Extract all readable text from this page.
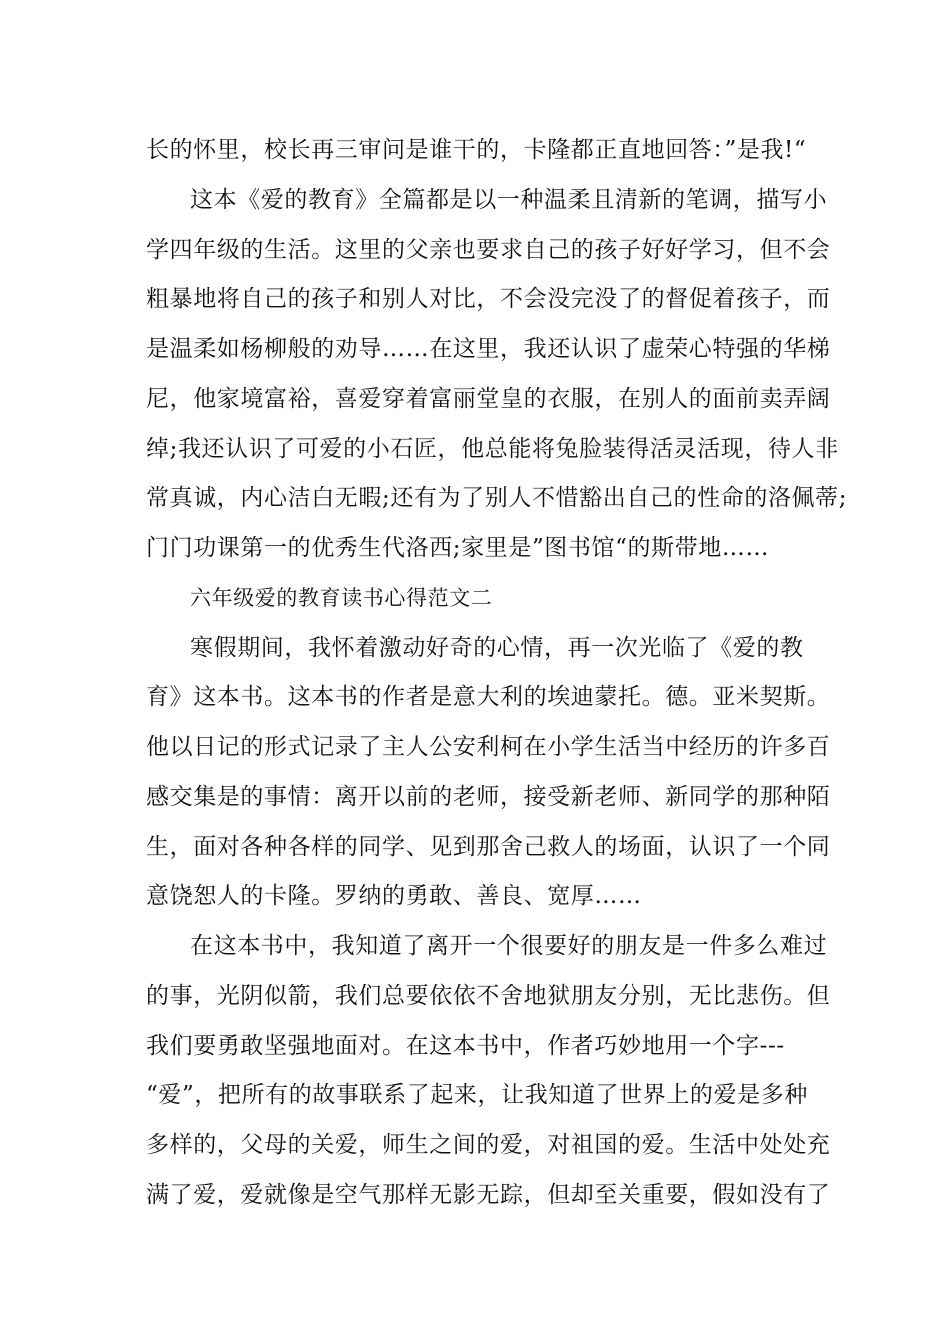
长的怀里，校长再三审问是谁干的，卡隆都正直地回答：”是我!“
这本《爱的教育》全篇都是以一种温柔且清新的笔调，描写小
学四年级的生活。这里的父亲也要求自己的孩子好好学习，但不会
粗暴地将自己的孩子和别人对比，不会没完没了的督促着孩子，而
是温柔如杨柳般的劝导……在这里，我还认识了虚荣心特强的华梯
尼，他家境富裕，喜爱穿着富丽堂皇的衣服，在别人的面前卖弄阔
绰;我还认识了可爱的小石匠，他总能将兔脸装得活灵活现，待人非
常真诚，内心洁白无暇;还有为了别人不惜豁出自己的性命的洛佩蒂;
门门功课第一的优秀生代洛西;家里是”图书馆“的斯带地……
六年级爱的教育读书心得范文二
寒假期间，我怀着激动好奇的心情，再一次光临了《爱的教
育》这本书。这本书的作者是意大利的埃迪蒙托。德。亚米契斯。
他以日记的形式记录了主人公安利柯在小学生活当中经历的许多百
感交集是的事情：离开以前的老师，接受新老师、新同学的那种陌
生，面对各种各样的同学、见到那舍己救人的场面，认识了一个同
意饶恕人的卡隆。罗纳的勇敢、善良、宽厚……
在这本书中，我知道了离开一个很要好的朋友是一件多么难过
的事，光阴似箭，我们总要依依不舍地狱朋友分别，无比悲伤。但
我们要勇敢坚强地面对。在这本书中，作者巧妙地用一个字---
“爱”，把所有的故事联系了起来，让我知道了世界上的爱是多种
多样的，父母的关爱，师生之间的爱，对祖国的爱。生活中处处充
满了爱，爱就像是空气那样无影无踪，但却至关重要，假如没有了
